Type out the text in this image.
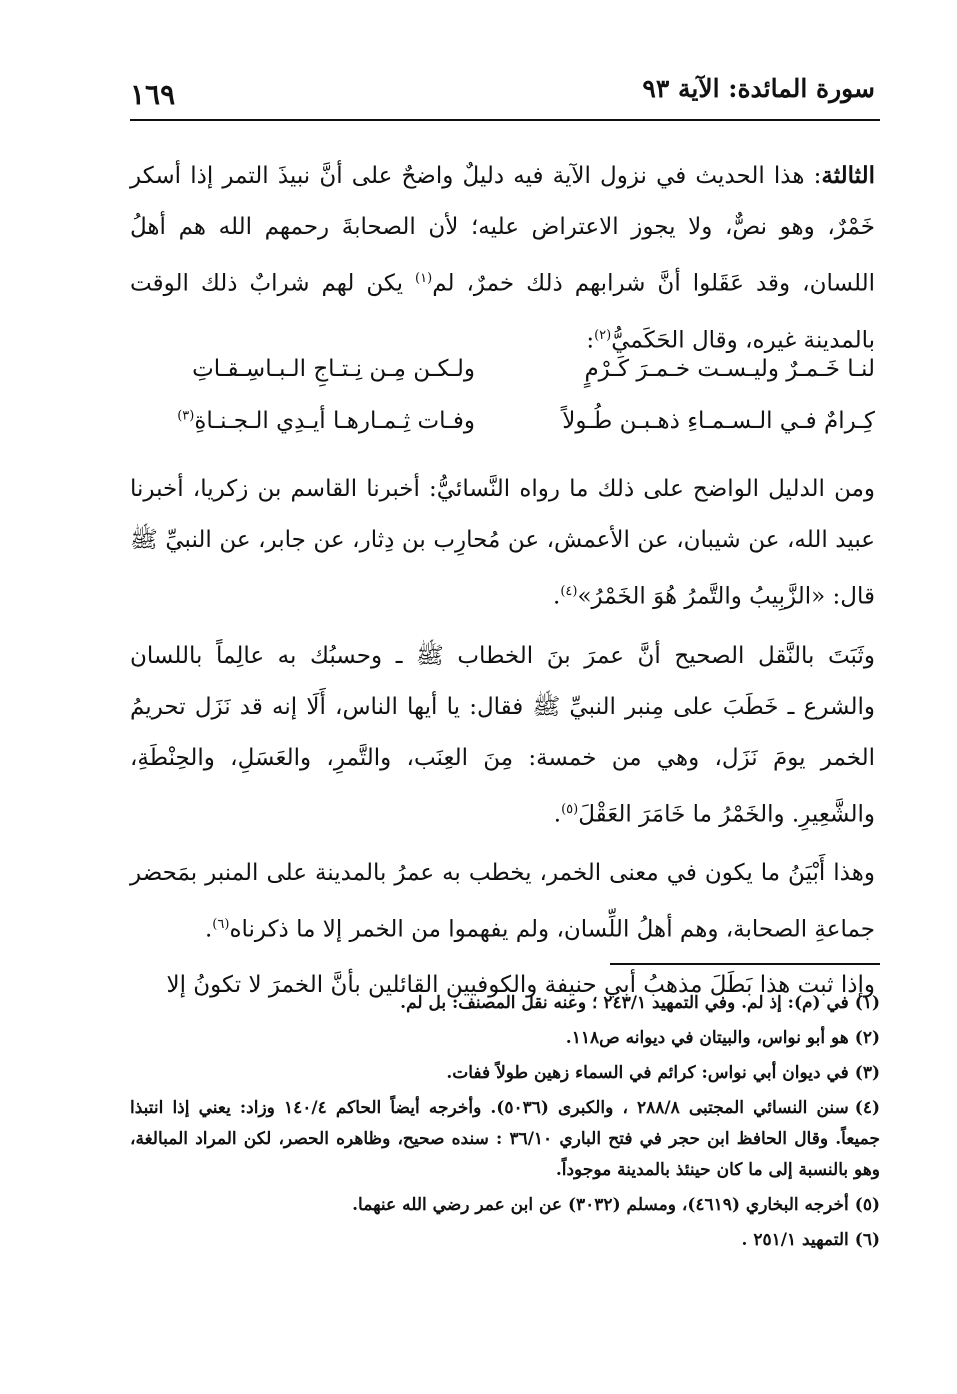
سورة المائدة: الآية ٩٣
١٦٩

الثالثة: هذا الحديث في نزول الآية فيه دليلٌ واضحٌ على أنَّ نبيذَ التمر إذا أسكر خَمْرٌ، وهو نصٌّ، ولا يجوز الاعتراض عليه؛ لأن الصحابةَ رحمهم الله هم أهلُ اللسان، وقد عَقَلوا أنَّ شرابهم ذلك خمرٌ، لم$^{(١)}$ يكن لهم شرابٌ ذلك الوقت بالمدينة غيره، وقال الحَكَميُّ$^{(٢)}$:

لنـا خَـمـرٌ وليـسـت خـمـرَ كَـرْمٍ
ولـكـن مِـن نِـتـاجِ الـبـاسِـقـاتِ
كِـرامٌ فـي الـسـمـاءِ ذهـبـن طُـولاً
وفـات ثِـمـارهـا أيـدِي الـجـنـاةِ$^{(٣)}$

ومن الدليل الواضح على ذلك ما رواه النَّسائيُّ: أخبرنا القاسم بن زكريا، أخبرنا عبيد الله، عن شيبان، عن الأعمش، عن مُحارِب بن دِثار، عن جابر، عن النبيِّ ﷺ قال: «الزَّبِيبُ والتَّمرُ هُوَ الخَمْرُ»$^{(٤)}$.

وثَبَتَ بالنَّقل الصحيح أنَّ عمرَ بنَ الخطاب ﷺ ـ وحسبُك به عالِماً باللسان والشرع ـ خَطَبَ على مِنبر النبيِّ ﷺ فقال: يا أيها الناس، أَلَا إنه قد نَزَل تحريمُ الخمر يومَ نَزَل، وهي من خمسة: مِنَ العِنَب، والتَّمرِ، والعَسَلِ، والحِنْطَةِ، والشَّعِيرِ. والخَمْرُ ما خَامَرَ العَقْلَ$^{(٥)}$.

وهذا أَبْيَنُ ما يكون في معنى الخمر، يخطب به عمرُ بالمدينة على المنبر بمَحضر جماعةِ الصحابة، وهم أهلُ اللِّسان، ولم يفهموا من الخمر إلا ما ذكرناه$^{(٦)}$.

وإذا ثبت هذا بَطَلَ مذهبُ أبي حنيفة والكوفيين القائلين بأنَّ الخمرَ لا تكونُ إلا

(١)في (م): إذ لم. وفي التمهيد ٢٤٣/١ ؛ وعنه نقل المصنف: بل لم.

(٢)هو أبو نواس، والبيتان في ديوانه ص١١٨.

(٣)في ديوان أبي نواس: كرائم في السماء زهين طولاً ففات.

(٤)سنن النسائي المجتبى ٢٨٨/٨ ، والكبرى (٥٠٣٦). وأخرجه أيضاً الحاكم ١٤٠/٤ وزاد: يعني إذا انتبذا جميعاً. وقال الحافظ ابن حجر في فتح الباري ٣٦/١٠ : سنده صحيح، وظاهره الحصر، لكن المراد المبالغة، وهو بالنسبة إلى ما كان حينئذ بالمدينة موجوداً.

(٥)أخرجه البخاري (٤٦١٩)، ومسلم (٣٠٣٢) عن ابن عمر رضي الله عنهما.

(٦)التمهيد ٢٥١/١ .
